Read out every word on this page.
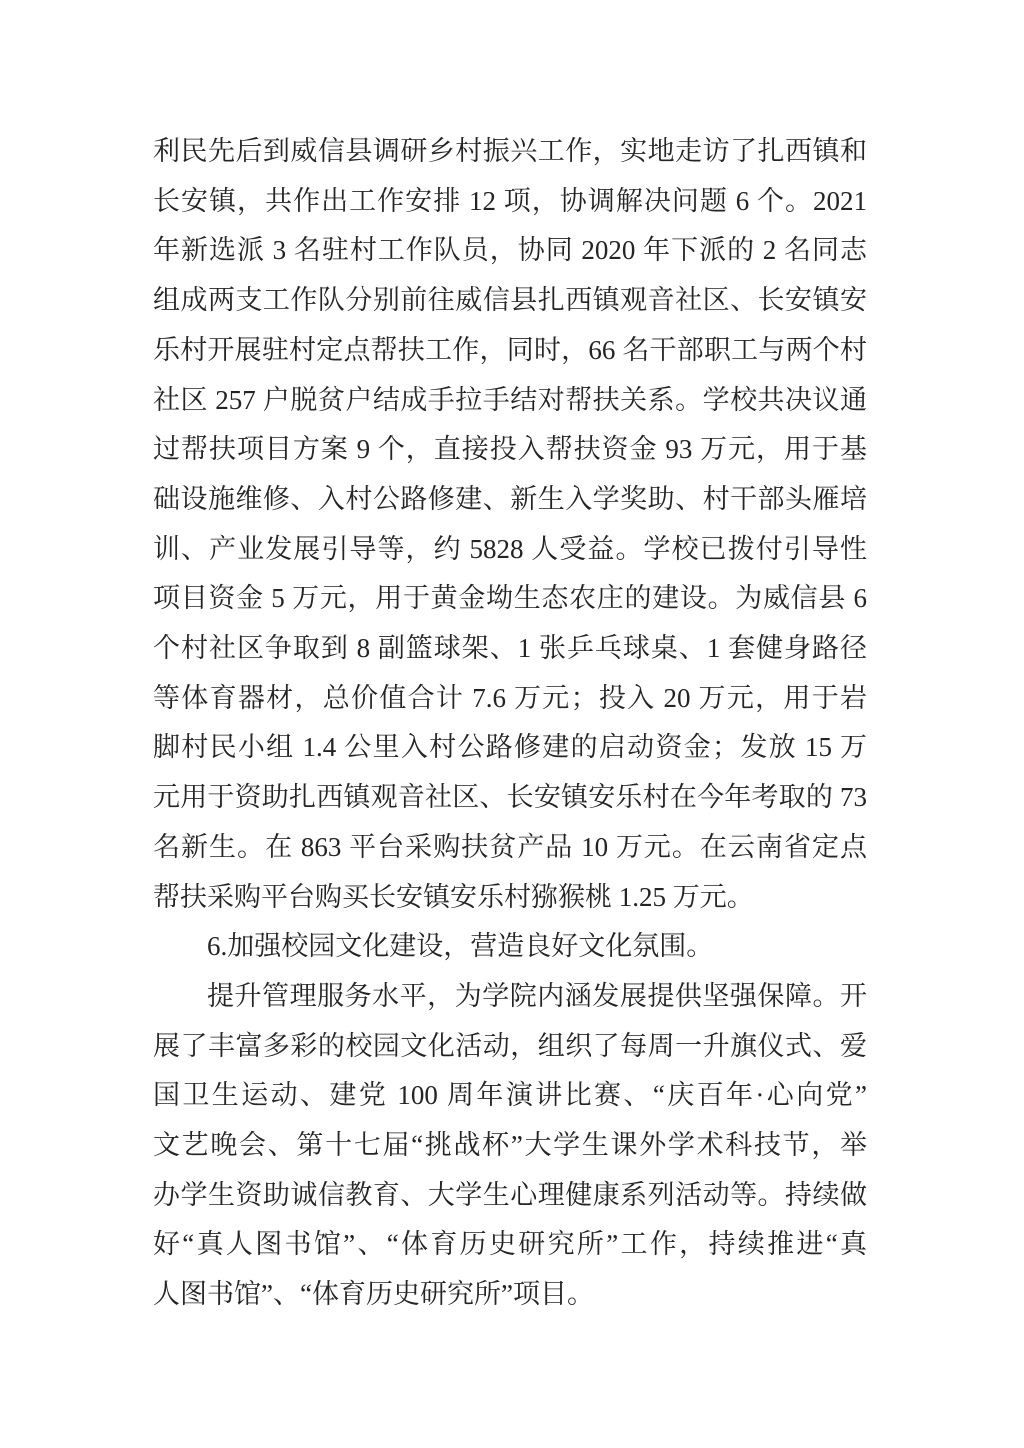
利民先后到威信县调研乡村振兴工作，实地走访了扎西镇和
长安镇，共作出工作安排 12 项，协调解决问题 6 个。2021
年新选派 3 名驻村工作队员，协同 2020 年下派的 2 名同志
组成两支工作队分别前往威信县扎西镇观音社区、长安镇安
乐村开展驻村定点帮扶工作，同时，66 名干部职工与两个村
社区 257 户脱贫户结成手拉手结对帮扶关系。学校共决议通
过帮扶项目方案 9 个，直接投入帮扶资金 93 万元，用于基
础设施维修、入村公路修建、新生入学奖助、村干部头雁培
训、产业发展引导等，约 5828 人受益。学校已拨付引导性
项目资金 5 万元，用于黄金坳生态农庄的建设。为威信县 6
个村社区争取到 8 副篮球架、1 张乒乓球桌、1 套健身路径
等体育器材，总价值合计 7.6 万元；投入 20 万元，用于岩
脚村民小组 1.4 公里入村公路修建的启动资金；发放 15 万
元用于资助扎西镇观音社区、长安镇安乐村在今年考取的 73
名新生。在 863 平台采购扶贫产品 10 万元。在云南省定点
帮扶采购平台购买长安镇安乐村猕猴桃 1.25 万元。
6.加强校园文化建设，营造良好文化氛围。
提升管理服务水平，为学院内涵发展提供坚强保障。开
展了丰富多彩的校园文化活动，组织了每周一升旗仪式、爱
国卫生运动、建党 100 周年演讲比赛、“庆百年·心向党”
文艺晚会、第十七届“挑战杯”大学生课外学术科技节，举
办学生资助诚信教育、大学生心理健康系列活动等。持续做
好“真人图书馆”、“体育历史研究所”工作，持续推进“真
人图书馆”、“体育历史研究所”项目。
